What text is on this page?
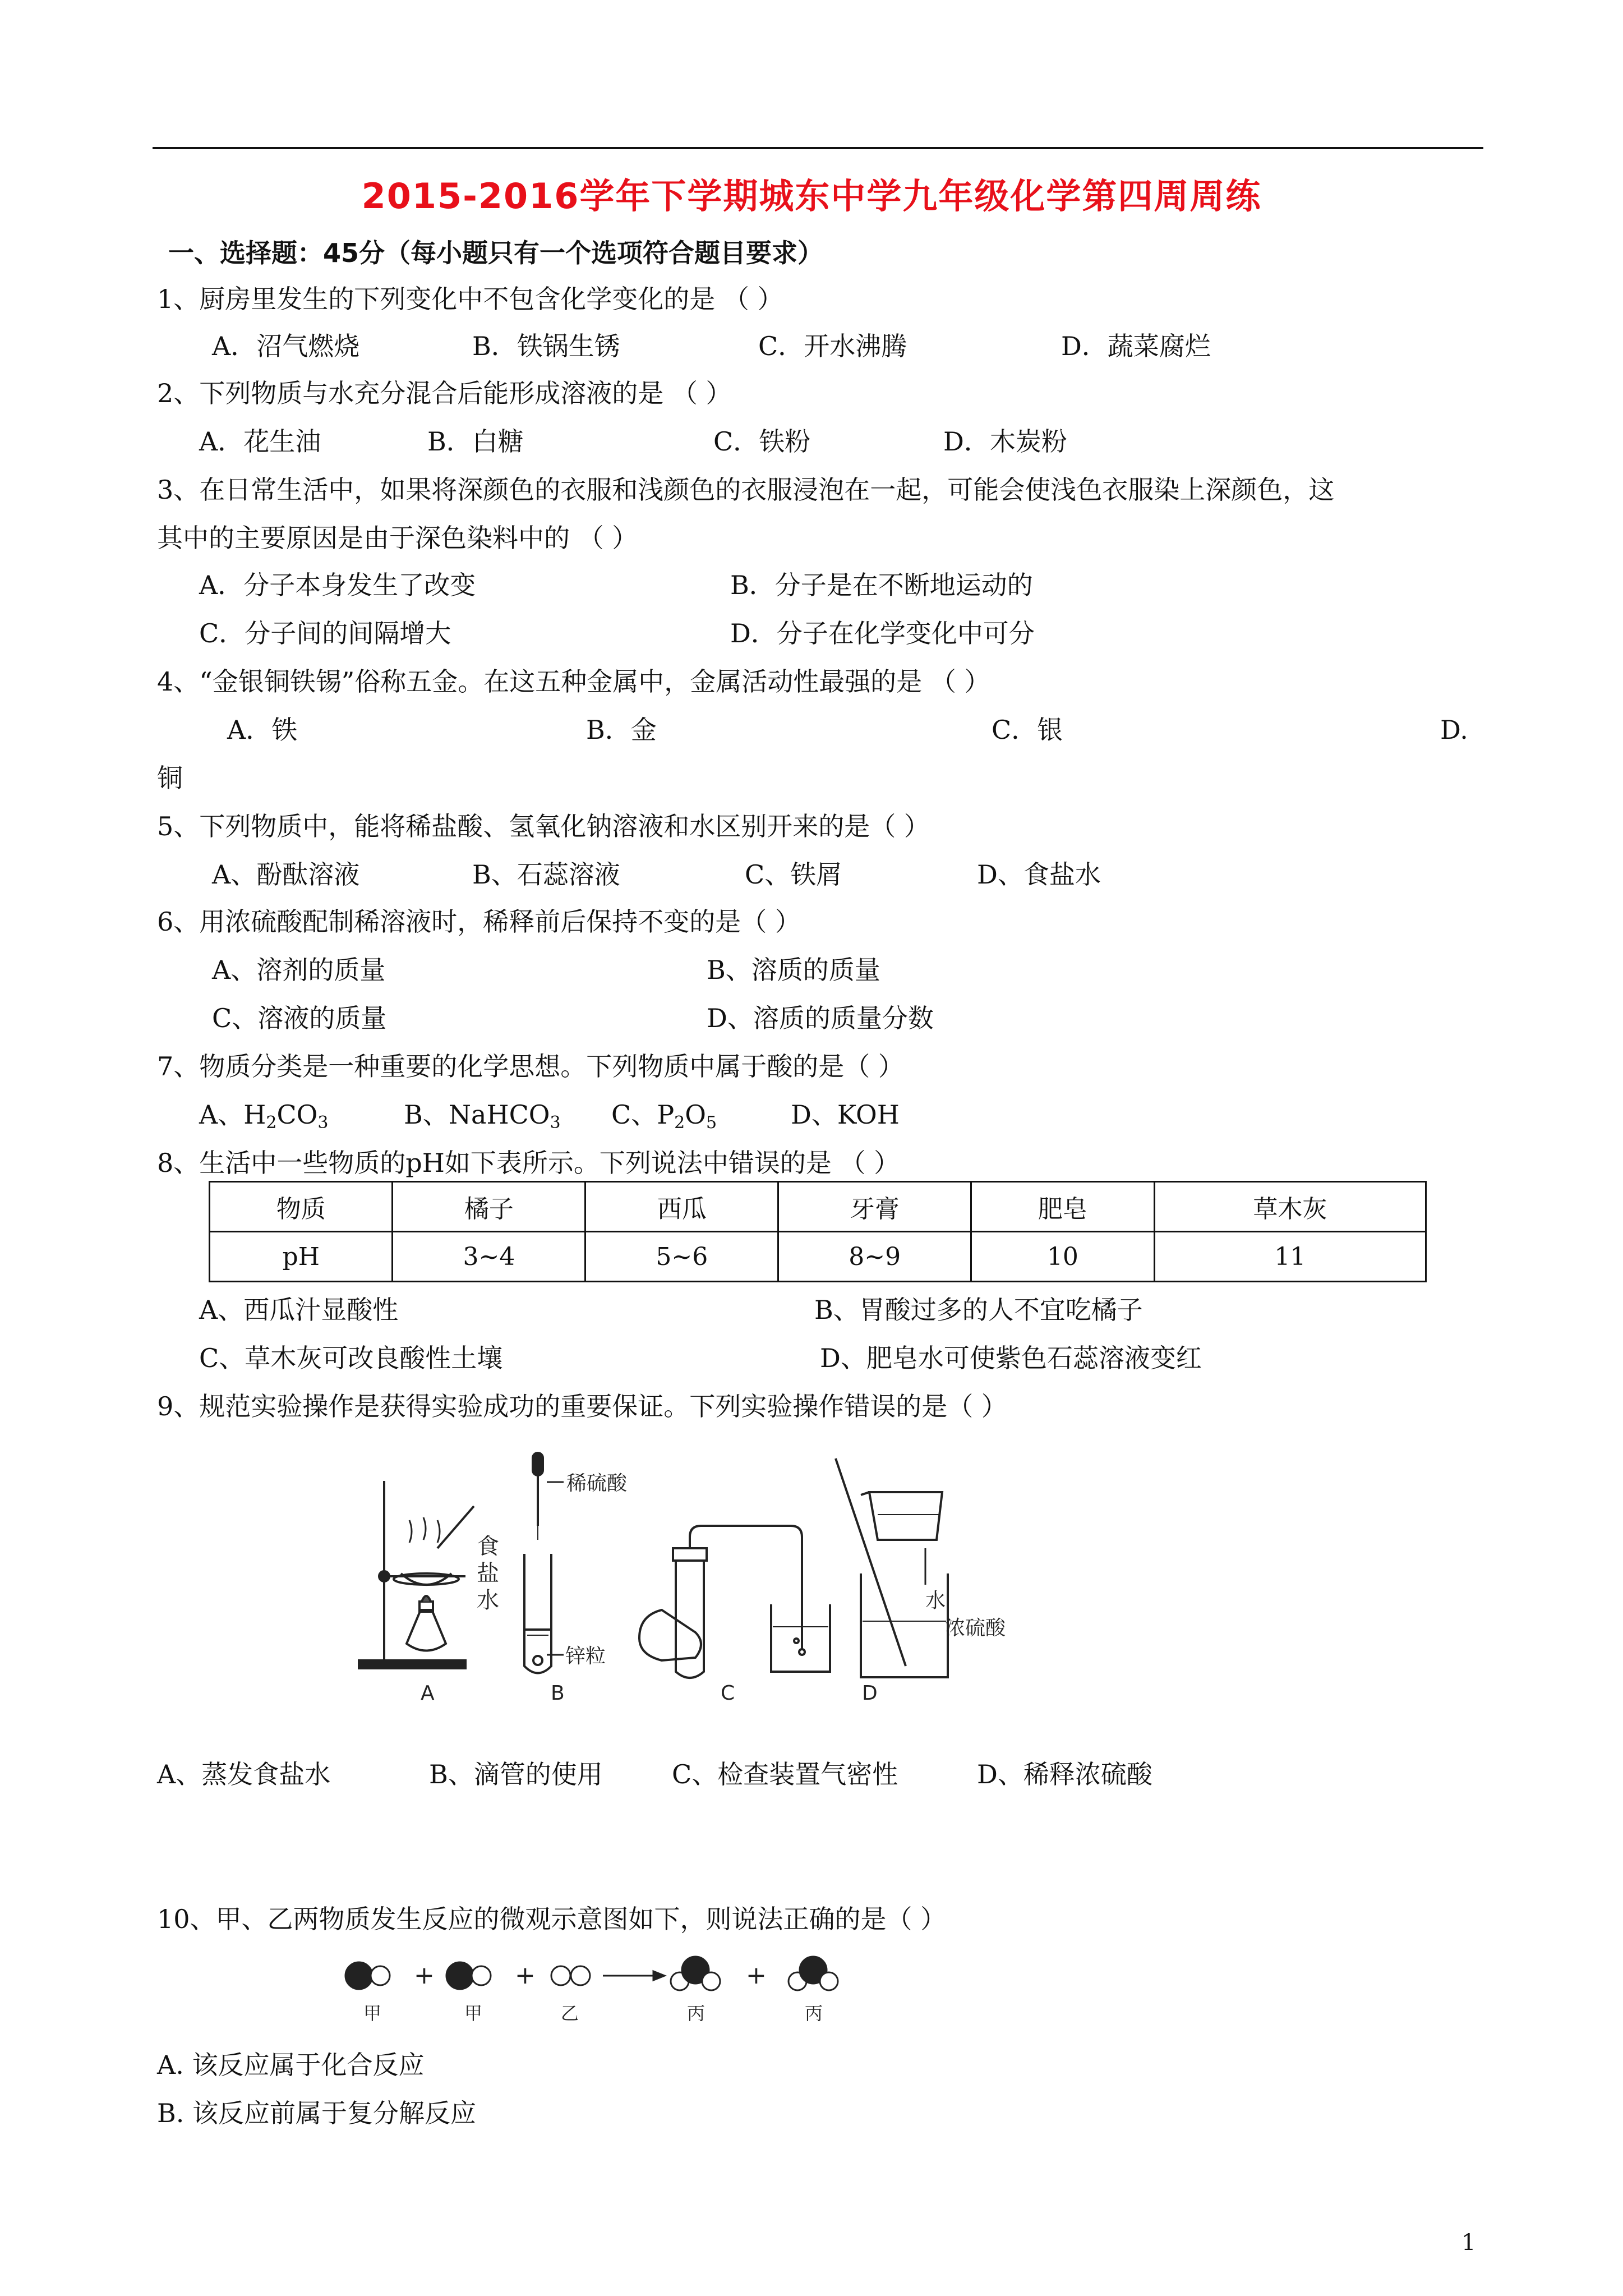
2015-2016学年下学期城东中学九年级化学第四周周练
一、选择题：45分（每小题只有一个选项符合题目要求）
1、厨房里发生的下列变化中不包含化学变化的是 （ ）
A．沼气燃烧	B．铁锅生锈	C．开水沸腾	D．蔬菜腐烂
2、下列物质与水充分混合后能形成溶液的是 （ ）
A．花生油	B．白糖	C．铁粉	D．木炭粉
3、在日常生活中，如果将深颜色的衣服和浅颜色的衣服浸泡在一起，可能会使浅色衣服染上深颜色，这
其中的主要原因是由于深色染料中的 （ ）
A．分子本身发生了改变	B．分子是在不断地运动的
C．分子间的间隔增大	D．分子在化学变化中可分
4、“金银铜铁锡”俗称五金。在这五种金属中，金属活动性最强的是 （ ）
A．铁	B．金	C．银	D.
铜
5、下列物质中，能将稀盐酸、氢氧化钠溶液和水区别开来的是（ ）
A、酚酞溶液	B、石蕊溶液	C、铁屑	D、食盐水
6、用浓硫酸配制稀溶液时，稀释前后保持不变的是（ ）
A、溶剂的质量	B、溶质的质量
C、溶液的质量	D、溶质的质量分数
7、物质分类是一种重要的化学思想。下列物质中属于酸的是（ ）
A、$H_2CO_3$	B、NaHCO$_3$ C、$P_2O_5$	D、KOH
8、生活中一些物质的pH如下表所示。下列说法中错误的是 （ ）
物质	橘子	西瓜	牙膏	肥皂	草木灰
pH	3~4	5~6	8~9	10	11
A、西瓜汁显酸性	B、胃酸过多的人不宜吃橘子
C、草木灰可改良酸性土壤	D、肥皂水可使紫色石蕊溶液变红
9、规范实验操作是获得实验成功的重要保证。下列实验操作错误的是（ ）
食
盐
水
稀硫酸
锌粒
水
浓硫酸
A	B	C	D
A、蒸发食盐水	B、滴管的使用	C、检查装置气密性	D、稀释浓硫酸
10、甲、乙两物质发生反应的微观示意图如下，则说法正确的是（ ）
+	+	+
甲	甲	乙	丙	丙
A. 该反应属于化合反应
B. 该反应前属于复分解反应
1
